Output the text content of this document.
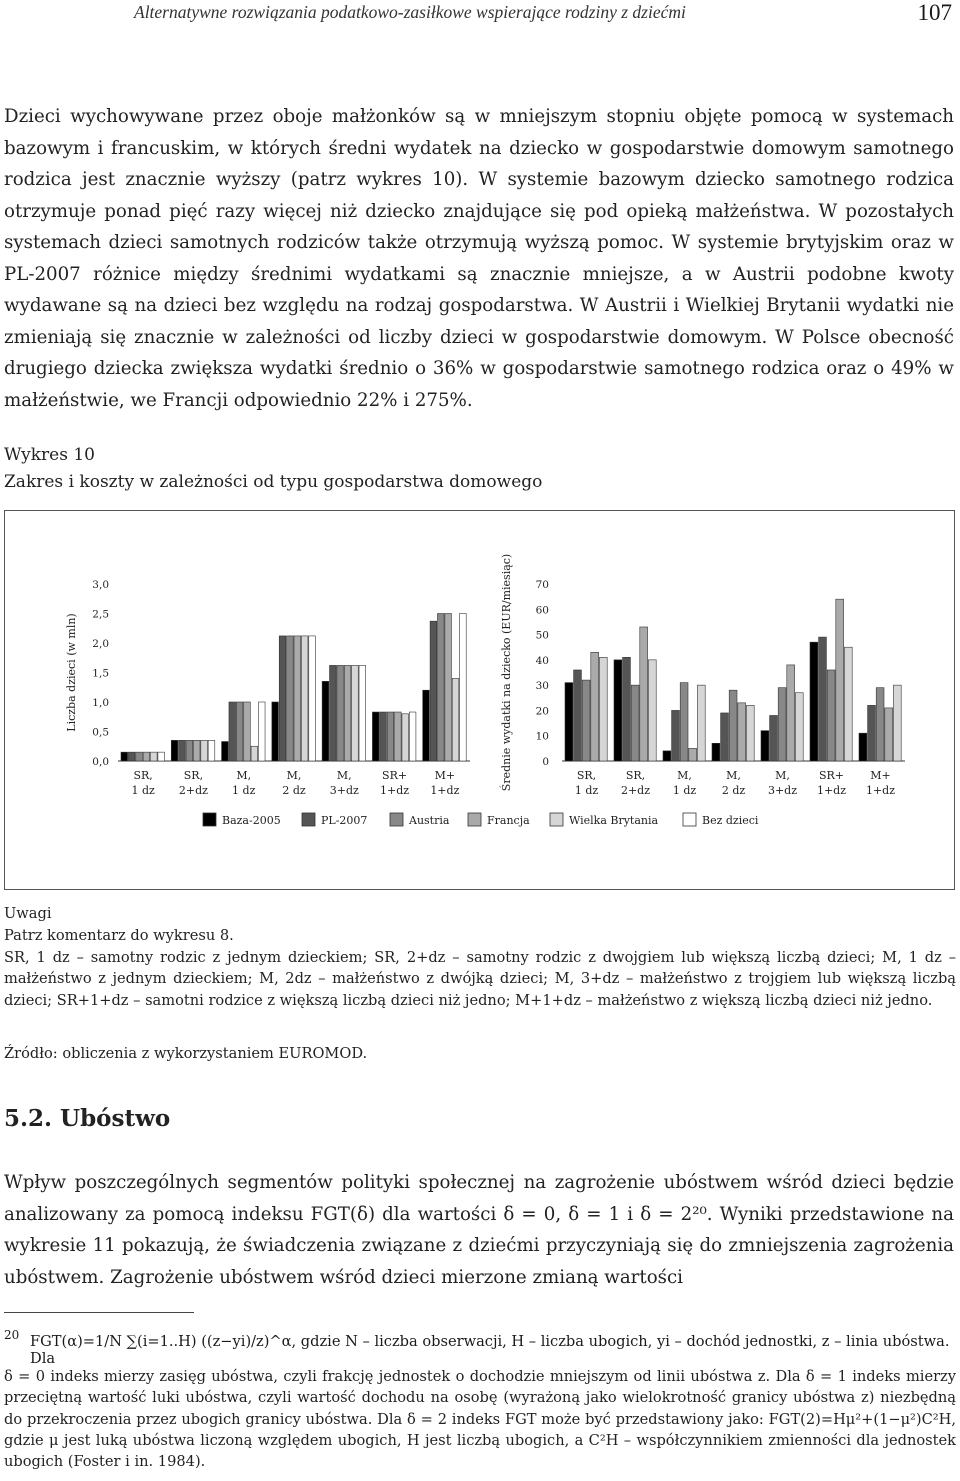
Alternatywne rozwiązania podatkowo-zasiłkowe wspierające rodziny z dziećmi	107
Dzieci wychowywane przez oboje małżonków są w mniejszym stopniu objęte pomocą w systemach bazowym i francuskim, w których średni wydatek na dziecko w gospodarstwie domowym samotnego rodzica jest znacznie wyższy (patrz wykres 10). W systemie bazowym dziecko samotnego rodzica otrzymuje ponad pięć razy więcej niż dziecko znajdujące się pod opieką małżeństwa. W pozostałych systemach dzieci samotnych rodziców także otrzymują wyższą pomoc. W systemie brytyjskim oraz w PL-2007 różnice między średnimi wydatkami są znacznie mniejsze, a w Austrii podobne kwoty wydawane są na dzieci bez względu na rodzaj gospodarstwa. W Austrii i Wielkiej Brytanii wydatki nie zmieniają się znacznie w zależności od liczby dzieci w gospodarstwie domowym. W Polsce obecność drugiego dziecka zwiększa wydatki średnio o 36% w gospodarstwie samotnego rodzica oraz o 49% w małżeństwie, we Francji odpowiednio 22% i 275%.
Wykres 10
Zakres i koszty w zależności od typu gospodarstwa domowego
0,0
0,5
1,0
1,5
2,0
2,5
3,0
Liczba dzieci (w mln)
SR,
1 dz
SR,
2+dz
M,
1 dz
M,
2 dz
M,
3+dz
SR+
1+dz
M+
1+dz
0
10
20
30
40
50
60
70
Średnie wydatki na dziecko (EUR/miesiąc)	SR,
1 dz
SR,
2+dz
M,
1 dz
M,
2 dz
M,
3+dz
SR+
1+dz
M+
1+dz
Baza-2005	PL-2007	Austria	Francja	Wielka Brytania	Bez dzieci
Uwagi
Patrz komentarz do wykresu 8.
SR, 1 dz – samotny rodzic z jednym dzieckiem; SR, 2+dz – samotny rodzic z dwojgiem lub większą liczbą dzieci; M, 1 dz – małżeństwo z jednym dzieckiem; M, 2dz – małżeństwo z dwójką dzieci; M, 3+dz – małżeństwo z trojgiem lub większą liczbą dzieci; SR+1+dz – samotni rodzice z większą liczbą dzieci niż jedno; M+1+dz – małżeństwo z większą liczbą dzieci niż jedno.
Źródło: obliczenia z wykorzystaniem EUROMOD.
5.2. Ubóstwo
Wpływ poszczególnych segmentów polityki społecznej na zagrożenie ubóstwem wśród dzieci będzie analizowany za pomocą indeksu FGT(δ) dla wartości δ = 0, δ = 1 i δ = 2²⁰. Wyniki przedstawione na wykresie 11 pokazują, że świadczenia związane z dziećmi przyczyniają się do zmniejszenia zagrożenia ubóstwem. Zagrożenie ubóstwem wśród dzieci mierzone zmianą wartości
20 FGT(α)=1/N ∑(i=1..H) ((z−yi)/z)^α, gdzie N – liczba obserwacji, H – liczba ubogich, yi – dochód jednostki, z – linia ubóstwa. Dla
δ = 0 indeks mierzy zasięg ubóstwa, czyli frakcję jednostek o dochodzie mniejszym od linii ubóstwa z. Dla δ = 1 indeks mierzy przeciętną wartość luki ubóstwa, czyli wartość dochodu na osobę (wyrażoną jako wielokrotność granicy ubóstwa z) niezbędną do przekroczenia przez ubogich granicy ubóstwa. Dla δ = 2 indeks FGT może być przedstawiony jako: FGT(2)=Hμ²+(1−μ²)C²H, gdzie μ jest luką ubóstwa liczoną względem ubogich, H jest liczbą ubogich, a C²H – współczynnikiem zmienności dla jednostek ubogich (Foster i in. 1984).
